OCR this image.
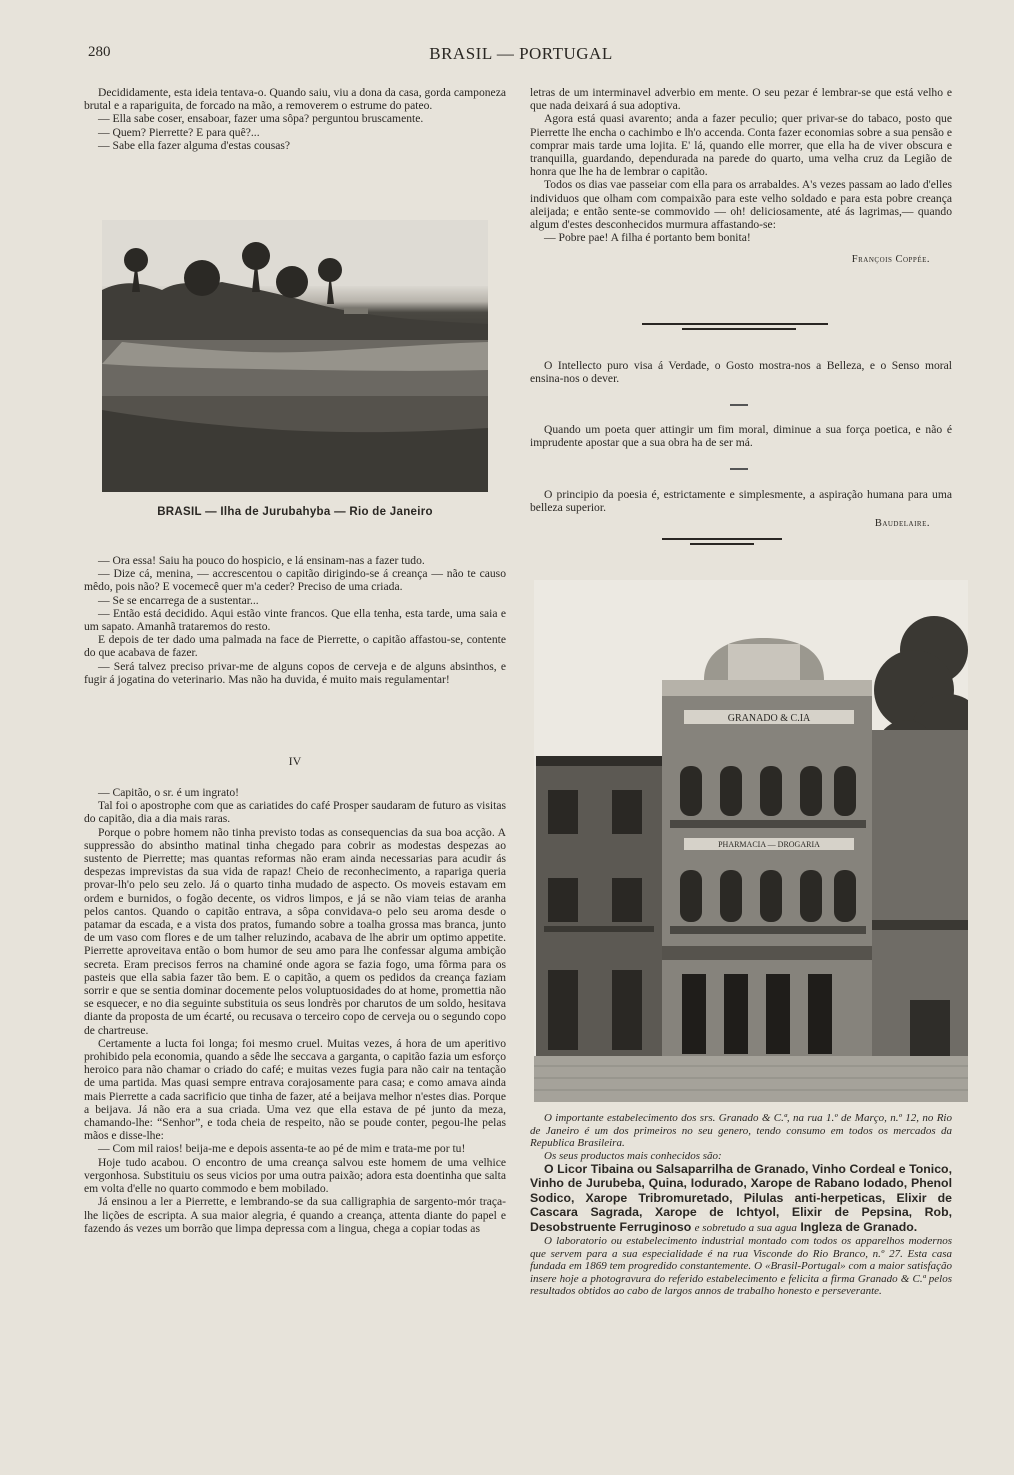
280	BRASIL — PORTUGAL

Decididamente, esta ideia tentava-o. Quando saiu, viu a dona da casa, gorda camponeza brutal e a rapariguita, de forcado na mão, a removerem o estrume do pateo.

— Ella sabe coser, ensaboar, fazer uma sôpa? perguntou bruscamente.

— Quem? Pierrette? E para quê?...

— Sabe ella fazer alguma d'estas cousas?

BRASIL — Ilha de Jurubahyba — Rio de Janeiro

— Ora essa! Saiu ha pouco do hospicio, e lá ensinam-nas a fazer tudo.

— Dize cá, menina, — accrescentou o capitão dirigindo-se á creança — não te causo mêdo, pois não? E vocemecê quer m'a ceder? Preciso de uma criada.

— Se se encarrega de a sustentar...

— Então está decidido. Aqui estão vinte francos. Que ella tenha, esta tarde, uma saia e um sapato. Amanhã trataremos do resto.

E depois de ter dado uma palmada na face de Pierrette, o capitão affastou-se, contente do que acabava de fazer.

— Será talvez preciso privar-me de alguns copos de cerveja e de alguns absinthos, e fugir á jogatina do veterinario. Mas não ha duvida, é muito mais regulamentar!

IV

— Capitão, o sr. é um ingrato!

Tal foi o apostrophe com que as cariatides do café Prosper saudaram de futuro as visitas do capitão, dia a dia mais raras.

Porque o pobre homem não tinha previsto todas as consequencias da sua boa acção. A suppressão do absintho matinal tinha chegado para cobrir as modestas despezas ao sustento de Pierrette; mas quantas reformas não eram ainda necessarias para acudir ás despezas imprevistas da sua vida de rapaz! Cheio de reconhecimento, a rapariga queria provar-lh'o pelo seu zelo. Já o quarto tinha mudado de aspecto. Os moveis estavam em ordem e burnidos, o fogão decente, os vidros limpos, e já se não viam teias de aranha pelos cantos. Quando o capitão entrava, a sôpa convidava-o pelo seu aroma desde o patamar da escada, e a vista dos pratos, fumando sobre a toalha grossa mas branca, junto de um vaso com flores e de um talher reluzindo, acabava de lhe abrir um optimo appetite. Pierrette aproveitava então o bom humor de seu amo para lhe confessar alguma ambição secreta. Eram precisos ferros na chaminé onde agora se fazia fogo, uma fôrma para os pasteis que ella sabia fazer tão bem. E o capitão, a quem os pedidos da creança faziam sorrir e que se sentia dominar docemente pelos voluptuosidades do at home, promettia não se esquecer, e no dia seguinte substituia os seus londrès por charutos de um soldo, hesitava diante da proposta de um écarté, ou recusava o terceiro copo de cerveja ou o segundo copo de chartreuse.

Certamente a lucta foi longa; foi mesmo cruel. Muitas vezes, á hora de um aperitivo prohibido pela economia, quando a sêde lhe seccava a garganta, o capitão fazia um esforço heroico para não chamar o criado do café; e muitas vezes fugia para não cair na tentação de uma partida. Mas quasi sempre entrava corajosamente para casa; e como amava ainda mais Pierrette a cada sacrificio que tinha de fazer, até a beijava melhor n'estes dias. Porque a beijava. Já não era a sua criada. Uma vez que ella estava de pé junto da meza, chamando-lhe: “Senhor”, e toda cheia de respeito, não se poude conter, pegou-lhe pelas mãos e disse-lhe:

— Com mil raios! beija-me e depois assenta-te ao pé de mim e trata-me por tu!

Hoje tudo acabou. O encontro de uma creança salvou este homem de uma velhice vergonhosa. Substituiu os seus vicios por uma outra paixão; adora esta doentinha que salta em volta d'elle no quarto commodo e bem mobilado.

Já ensinou a ler a Pierrette, e lembrando-se da sua calligraphia de sargento-mór traça-lhe lições de escripta. A sua maior alegria, é quando a creança, attenta diante do papel e fazendo ás vezes um borrão que limpa depressa com a lingua, chega a copiar todas as

letras de um interminavel adverbio em mente. O seu pezar é lembrar-se que está velho e que nada deixará á sua adoptiva.

Agora está quasi avarento; anda a fazer peculio; quer privar-se do tabaco, posto que Pierrette lhe encha o cachimbo e lh'o accenda. Conta fazer economias sobre a sua pensão e comprar mais tarde uma lojita. E' lá, quando elle morrer, que ella ha de viver obscura e tranquilla, guardando, dependurada na parede do quarto, uma velha cruz da Legião de honra que lhe ha de lembrar o capitão.

Todos os dias vae passeiar com ella para os arrabaldes. A's vezes passam ao lado d'elles individuos que olham com compaixão para este velho soldado e para esta pobre creança aleijada; e então sente-se commovido — oh! deliciosamente, até ás lagrimas,— quando algum d'estes desconhecidos murmura affastando-se:

— Pobre pae! A filha é portanto bem bonita!

François Coppée.

O Intellecto puro visa á Verdade, o Gosto mostra-nos a Belleza, e o Senso moral ensina-nos o dever.

Quando um poeta quer attingir um fim moral, diminue a sua força poetica, e não é imprudente apostar que a sua obra ha de ser má.

O principio da poesia é, estrictamente e simplesmente, a aspiração humana para uma belleza superior.

Baudelaire.
GRANADO & C.IA
PHARMACIA — DROGARIA

O importante estabelecimento dos srs. Granado & C.ª, na rua 1.º de Março, n.º 12, no Rio de Janeiro é um dos primeiros no seu genero, tendo consumo em todos os mercados da Republica Brasileira.

Os seus productos mais conhecidos são:

O Licor Tibaina ou Salsaparrilha de Granado, Vinho Cordeal e Tonico, Vinho de Jurubeba, Quina, Iodurado, Xarope de Rabano Iodado, Phenol Sodico, Xarope Tribromuretado, Pilulas anti-herpeticas, Elixir de Cascara Sagrada, Xarope de Ichtyol, Elixir de Pepsina, Rob, Desobstruente Ferruginoso e sobretudo a sua agua Ingleza de Granado.

O laboratorio ou estabelecimento industrial montado com todos os apparelhos modernos que servem para a sua especialidade é na rua Visconde do Rio Branco, n.º 27. Esta casa fundada em 1869 tem progredido constantemente. O «Brasil-Portugal» com a maior satisfação insere hoje a photogravura do referido estabelecimento e felicita a firma Granado & C.ª pelos resultados obtidos ao cabo de largos annos de trabalho honesto e perseverante.
